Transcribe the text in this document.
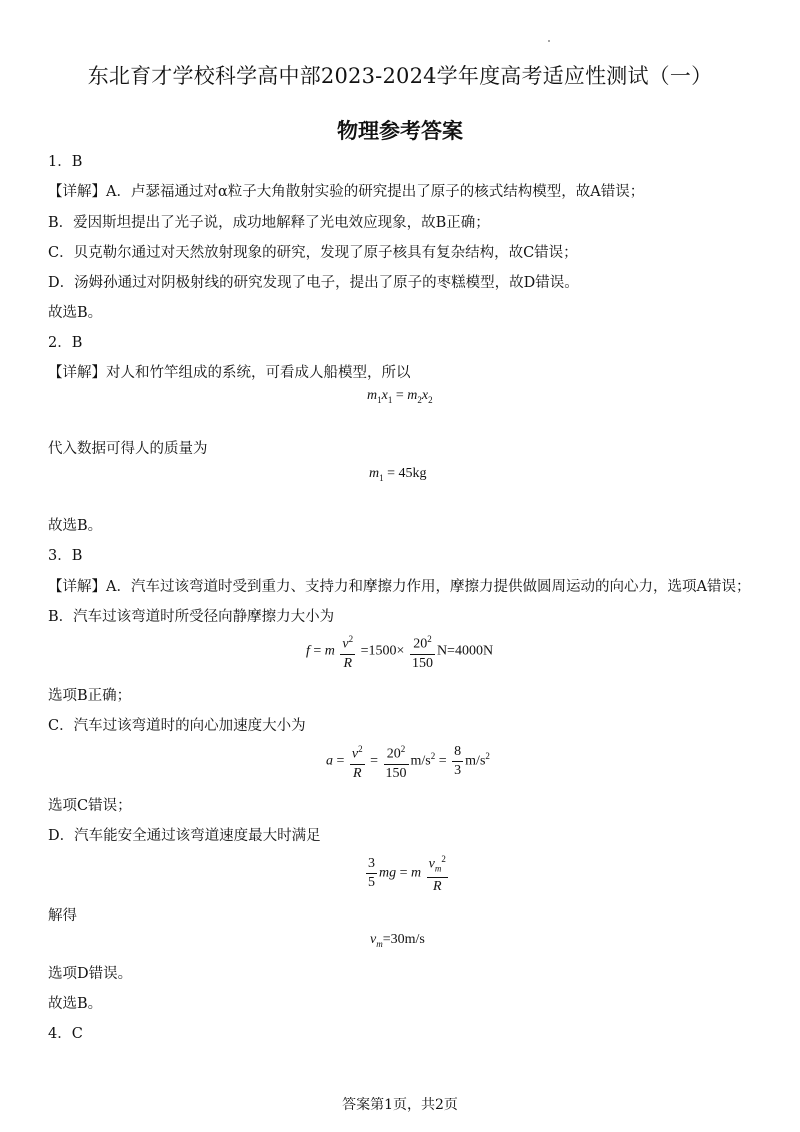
东北育才学校科学高中部2023-2024学年度高考适应性测试（一）
物理参考答案
1．B
【详解】A．卢瑟福通过对α粒子大角散射实验的研究提出了原子的核式结构模型，故A错误；
B．爱因斯坦提出了光子说，成功地解释了光电效应现象，故B正确；
C．贝克勒尔通过对天然放射现象的研究，发现了原子核具有复杂结构，故C错误；
D．汤姆孙通过对阴极射线的研究发现了电子，提出了原子的枣糕模型，故D错误。
故选B。
2．B
【详解】对人和竹竿组成的系统，可看成人船模型，所以
$m_1x_1 = m_2x_2$
代入数据可得人的质量为
$m_1 = 45kg$
故选B。
3．B
【详解】A．汽车过该弯道时受到重力、支持力和摩擦力作用，摩擦力提供做圆周运动的向心力，选项A错误；
B．汽车过该弯道时所受径向静摩擦力大小为
f = m $\frac{v^2}{R} =1500\times \frac{20^2}{150} N=4000N$
选项B正确；
C．汽车过该弯道时的向心加速度大小为
$a = \frac{v^2}{R} = \frac{20^2}{150} m/s^2 = \frac{8}{3} m/s^2$
选项C错误；
D．汽车能安全通过该弯道速度最大时满足
$\frac{3}{5}$ mg = m $\frac{v_m^2}{R}$
解得
$v_m=30m/s$
选项D错误。
故选B。
4．C
答案第1页，共2页
